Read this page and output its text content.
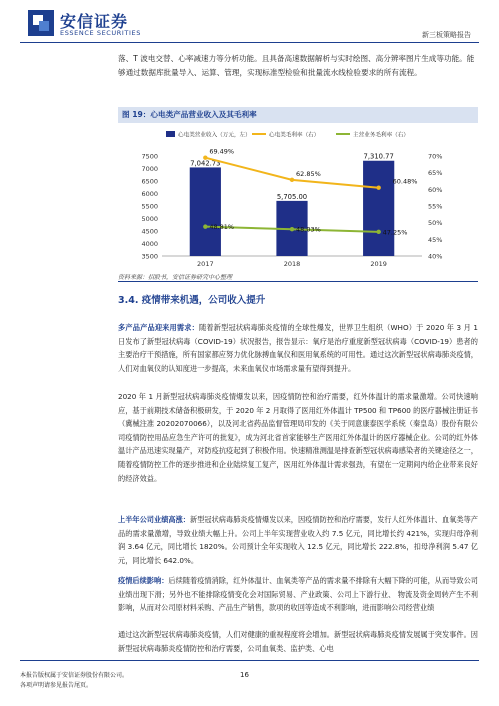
安信证券
ESSENCE SECURITIES	新三板策略报告
落、T 波电交替、心率减速力等分析功能。且具备高速数据解析与实时绘图、高分辨率图片生成等功能。能够通过数据库批量导入、运算、管理，实现标准型检验和批量流水线检验要求的所有流程。
图 19：心电类产品营业收入及其毛利率
3500
4000
4500
5000
5500
6000
6500
7000
7500
40%
45%
50%
55%
60%
65%
70%
2017	2018	2019
心电类营业收入（万元，左）	心电类毛利率（右）	主营业务毛利率（右）
7,042.73
5,705.00
7,310.77
69.49%
62.85%
60.48%
48.81%	48.03%	47.25%
资料来源：招股书，安信证券研究中心整理
3.4. 疫情带来机遇，公司收入提升
多产品产品迎来用需求：随着新型冠状病毒肺炎疫情的全球性爆发，世界卫生组织（WHO）于 2020 年 3 月 1 日发布了新型冠状病毒（COVID-19）状况报告，报告显示：氧疗是治疗重度新型冠状病毒（COVID-19）患者的主要治疗干预措施，所有国家都应努力优化脉搏血氧仪和医用氧系统的可用性。通过这次新型冠状病毒肺炎疫情，人们对血氧仪的认知度进一步提高，未来血氧仪市场需求量有望得到提升。
2020 年 1 月新型冠状病毒肺炎疫情爆发以来，因疫情防控和治疗需要，红外体温计的需求量激增。公司快速响应，基于前期技术储备积极研发，于 2020 年 2 月取得了医用红外体温计 TP500 和 TP600 的医疗器械注册证书（冀械注准 20202070066），以及河北省药品监督管理局印发的《关于同意康泰医学系统（秦皇岛）股份有限公司疫情防控用品应急生产许可的批复》，成为河北省首家能够生产医用红外体温计的医疗器械企业。公司的红外体温计产品迅速实现量产，对防疫抗疫起到了积极作用。快速精准测温是排查新型冠状病毒感染者的关键途径之一，随着疫情防控工作的逐步推进和企业陆续复工复产，医用红外体温计需求强劲，有望在一定期间内给企业带来良好的经济效益。
上半年公司业绩高涨：新型冠状病毒肺炎疫情爆发以来，因疫情防控和治疗需要，发行人红外体温计、血氧类等产品的需求量激增，导致业绩大幅上升。公司上半年实现营业收入约 7.5 亿元，同比增长约 421%，实现归母净利润 3.64 亿元，同比增长 1820%。公司预计全年实现收入 12.5 亿元，同比增长 222.8%，扣母净利润 5.47 亿元，同比增长 642.0%。
疫情后续影响：后续随着疫情消除，红外体温计、血氧类等产品的需求量不排除有大幅下降的可能，从而导致公司业绩出现下滑；另外也不能排除疫情变化会对国际贸易、产业政策、公司上下游行业、 物流及资金周转产生不利影响，从而对公司原材料采购、产品生产销售，款项的收回等造成不利影响，进而影响公司经营业绩
通过这次新型冠状病毒肺炎疫情，人们对健康的重视程度将会增加。新型冠状病毒肺炎疫情发展属于突发事件。因新型冠状病毒肺炎疫情防控和治疗需要，公司血氧类、监护类、心电
本报告版权属于安信证券股份有限公司。
各项声明请参见报告尾页。
16
